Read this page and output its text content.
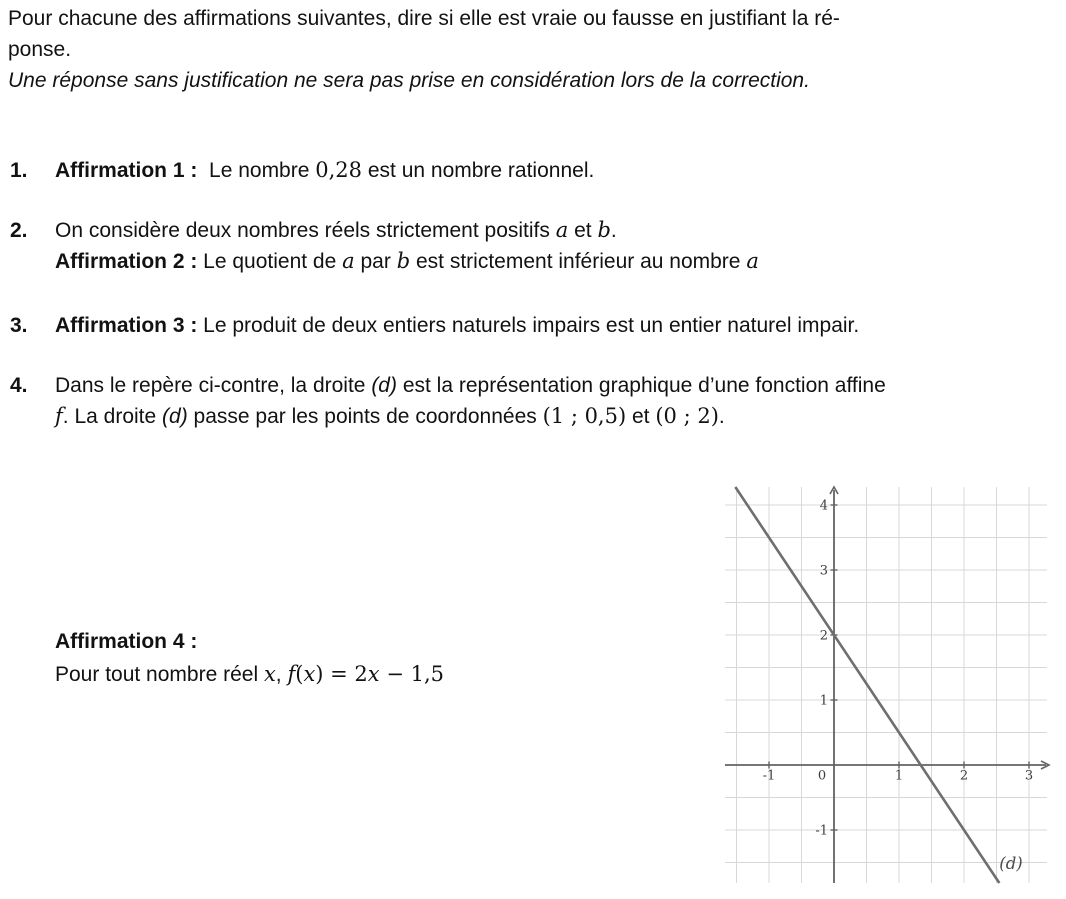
Pour chacune des affirmations suivantes, dire si elle est vraie ou fausse en justifiant la ré-
ponse.
Une réponse sans justification ne sera pas prise en considération lors de la correction.
1.	Affirmation 1 :  Le nombre 0,28 est un nombre rationnel.
2.	On considère deux nombres réels strictement positifs a et b.
Affirmation 2 : Le quotient de a par b est strictement inférieur au nombre a
3.	Affirmation 3 : Le produit de deux entiers naturels impairs est un entier naturel impair.
4.	Dans le repère ci-contre, la droite (d) est la représentation graphique d’une fonction affine
f. La droite (d) passe par les points de coordonnées (1 ; 0,5) et (0 ; 2).
Affirmation 4 :
Pour tout nombre réel x, f(x) = 2x − 1,5
-1	0	1	2	3
-1
1
2
3
4
(d)
